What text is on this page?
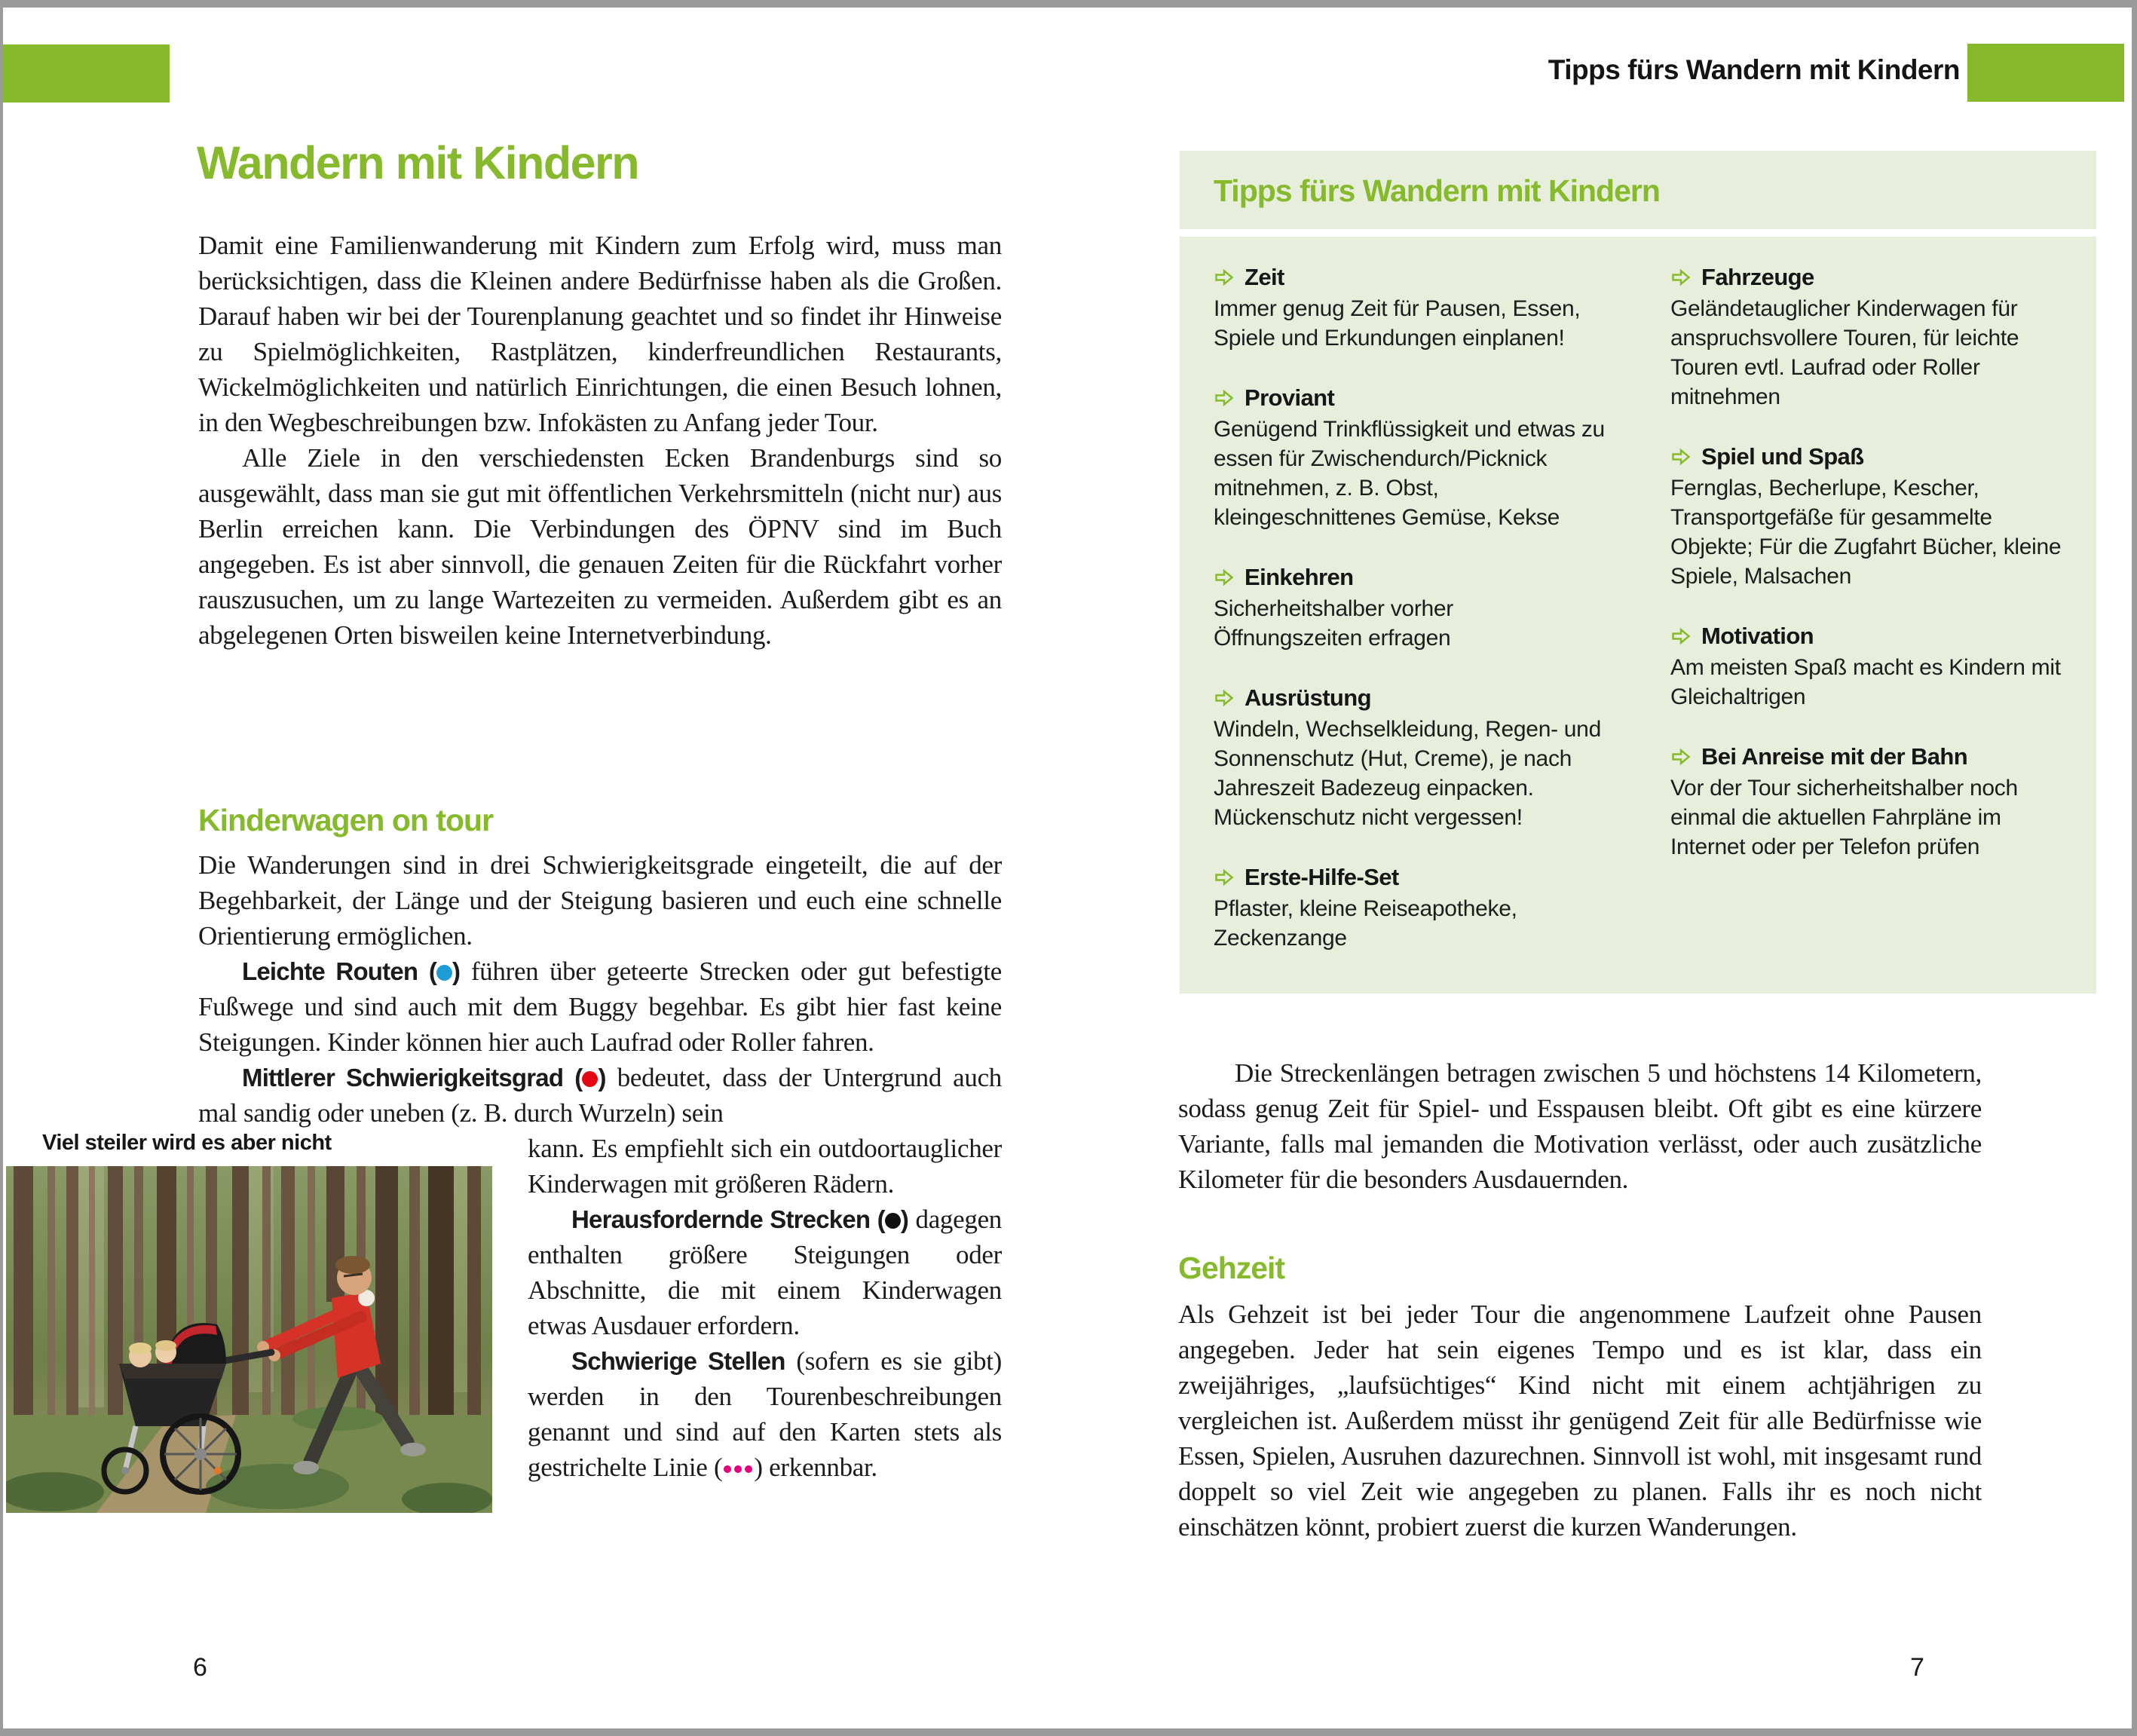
Tipps fürs Wandern mit Kindern
Wandern mit Kindern

Damit eine Familienwanderung mit Kindern zum Erfolg wird, muss man berücksichtigen, dass die Kleinen andere Bedürfnisse haben als die Großen. Darauf haben wir bei der Tourenplanung geachtet und so findet ihr Hinweise zu Spielmöglichkeiten, Rastplätzen, kinderfreundlichen Restaurants, Wickelmöglichkeiten und natürlich Einrichtungen, die einen Besuch lohnen, in den Wegbeschreibungen bzw. Infokästen zu Anfang jeder Tour.

Alle Ziele in den verschiedensten Ecken Brandenburgs sind so ausgewählt, dass man sie gut mit öffentlichen Verkehrsmitteln (nicht nur) aus Berlin erreichen kann. Die Verbindungen des ÖPNV sind im Buch angegeben. Es ist aber sinnvoll, die genauen Zeiten für die Rückfahrt vorher rauszusuchen, um zu lange Wartezeiten zu vermeiden. Außerdem gibt es an abgelegenen Orten bisweilen keine Internetverbindung.

Kinderwagen on tour

Die Wanderungen sind in drei Schwierigkeitsgrade eingeteilt, die auf der Begehbarkeit, der Länge und der Steigung basieren und euch eine schnelle Orientierung ermöglichen.

Leichte Routen ( ) führen über geteerte Strecken oder gut befestigte Fußwege und sind auch mit dem Buggy begehbar. Es gibt hier fast keine Steigungen. Kinder können hier auch Laufrad oder Roller fahren.

Mittlerer Schwierigkeitsgrad ( ) bedeutet, dass der Untergrund auch mal sandig oder uneben (z. B. durch Wurzeln) sein

kann. Es empfiehlt sich ein outdoortauglicher Kinderwagen mit größeren Rädern.

Herausfordernde Strecken ( ) dagegen enthalten größere Steigungen oder Abschnitte, die mit einem Kinderwagen etwas Ausdauer erfordern.

Schwierige Stellen (sofern es sie gibt) werden in den Tourenbeschreibungen genannt und sind auf den Karten stets als gestrichelte Linie ( ) erkennbar.

Viel steiler wird es aber nicht
6
Tipps fürs Wandern mit Kindern
Zeit
Immer genug Zeit für Pausen, Essen, Spiele und Erkundungen einplanen!
Proviant
Genügend Trinkflüssigkeit und etwas zu essen für Zwischendurch/Picknick mitnehmen, z. B. Obst, kleingeschnittenes Gemüse, Kekse
Einkehren
Sicherheitshalber vorher Öffnungszeiten erfragen
Ausrüstung
Windeln, Wechselkleidung, Regen- und Sonnenschutz (Hut, Creme), je nach Jahreszeit Badezeug einpacken. Mückenschutz nicht vergessen!
Erste-Hilfe-Set
Pflaster, kleine Reiseapotheke, Zeckenzange
Fahrzeuge
Geländetauglicher Kinderwagen für anspruchsvollere Touren, für leichte Touren evtl. Laufrad oder Roller mitnehmen
Spiel und Spaß
Fernglas, Becherlupe, Kescher, Transportgefäße für gesammelte Objekte; Für die Zugfahrt Bücher, kleine Spiele, Malsachen
Motivation
Am meisten Spaß macht es Kindern mit Gleichaltrigen
Bei Anreise mit der Bahn
Vor der Tour sicherheitshalber noch einmal die aktuellen Fahrpläne im Internet oder per Telefon prüfen

Die Streckenlängen betragen zwischen 5 und höchstens 14 Kilometern, sodass genug Zeit für Spiel- und Esspausen bleibt. Oft gibt es eine kürzere Variante, falls mal jemanden die Motivation verlässt, oder auch zusätzliche Kilometer für die besonders Ausdauernden.

Gehzeit

Als Gehzeit ist bei jeder Tour die angenommene Laufzeit ohne Pausen angegeben. Jeder hat sein eigenes Tempo und es ist klar, dass ein zweijähriges, „laufsüchtiges“ Kind nicht mit einem achtjährigen zu vergleichen ist. Außerdem müsst ihr genügend Zeit für alle Bedürfnisse wie Essen, Spielen, Ausruhen dazurechnen. Sinnvoll ist wohl, mit insgesamt rund doppelt so viel Zeit wie angegeben zu planen. Falls ihr es noch nicht einschätzen könnt, probiert zuerst die kurzen Wanderungen.

7
